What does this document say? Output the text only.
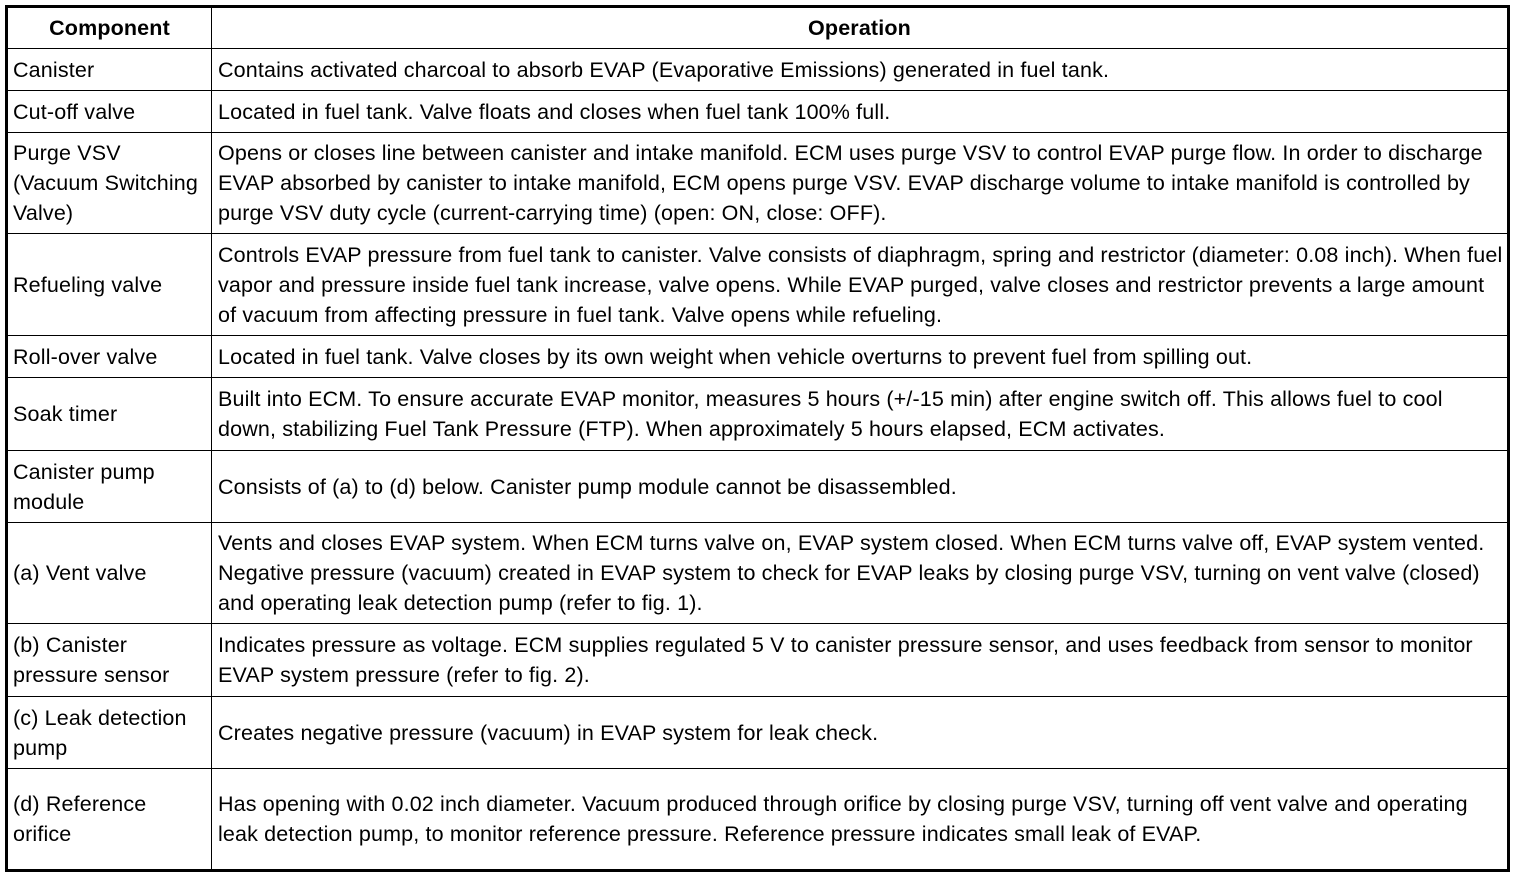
Component	Operation
Canister	Contains activated charcoal to absorb EVAP (Evaporative Emissions) generated in fuel tank.
Cut-off valve	Located in fuel tank. Valve floats and closes when fuel tank 100% full.
Purge VSV (Vacuum Switching Valve)	Opens or closes line between canister and intake manifold. ECM uses purge VSV to control EVAP purge flow. In order to discharge EVAP absorbed by canister to intake manifold, ECM opens purge VSV. EVAP discharge volume to intake manifold is controlled by purge VSV duty cycle (current-carrying time) (open: ON, close: OFF).
Refueling valve	Controls EVAP pressure from fuel tank to canister. Valve consists of diaphragm, spring and restrictor (diameter: 0.08 inch). When fuel vapor and pressure inside fuel tank increase, valve opens. While EVAP purged, valve closes and restrictor prevents a large amount of vacuum from affecting pressure in fuel tank. Valve opens while refueling.
Roll-over valve	Located in fuel tank. Valve closes by its own weight when vehicle overturns to prevent fuel from spilling out.
Soak timer	Built into ECM. To ensure accurate EVAP monitor, measures 5 hours (+/-15 min) after engine switch off. This allows fuel to cool down, stabilizing Fuel Tank Pressure (FTP). When approximately 5 hours elapsed, ECM activates.
Canister pump module	Consists of (a) to (d) below. Canister pump module cannot be disassembled.
(a) Vent valve	Vents and closes EVAP system. When ECM turns valve on, EVAP system closed. When ECM turns valve off, EVAP system vented. Negative pressure (vacuum) created in EVAP system to check for EVAP leaks by closing purge VSV, turning on vent valve (closed) and operating leak detection pump (refer to fig. 1).
(b) Canister pressure sensor	Indicates pressure as voltage. ECM supplies regulated 5 V to canister pressure sensor, and uses feedback from sensor to monitor EVAP system pressure (refer to fig. 2).
(c) Leak detection pump	Creates negative pressure (vacuum) in EVAP system for leak check.
(d) Reference orifice	Has opening with 0.02 inch diameter. Vacuum produced through orifice by closing purge VSV, turning off vent valve and operating leak detection pump, to monitor reference pressure. Reference pressure indicates small leak of EVAP.
